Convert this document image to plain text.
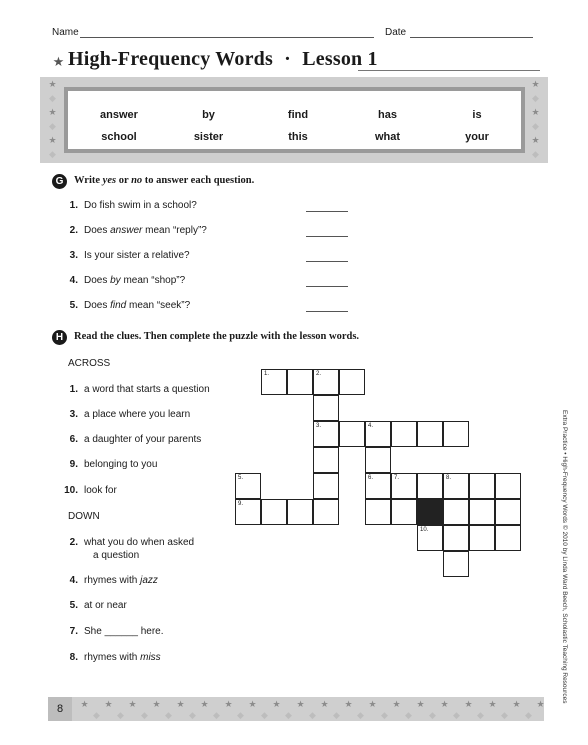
Name	Date
★ High-Frequency Words · Lesson 1
★	★
◆	◆
★	★
◆	◆
★	★
◆	◆
answer	by	find	has	is
school	sister	this	what	your
G	Write yes or no to answer each question.
1. Do fish swim in a school?
2. Does answer mean “reply”?
3. Is your sister a relative?
4. Does by mean “shop”?
5. Does find mean “seek”?
H	Read the clues. Then complete the puzzle with the lesson words.
ACROSS
1. a word that starts a question
3. a place where you learn
6. a daughter of your parents
9. belonging to you
10. look for
DOWN
2. what you do when asked
a question
4. rhymes with jazz
5. at or near
7. She ______ here.
8. rhymes with miss
1.	2.
3.	4.
5.	6.	7.	8.
9.
10.
8	★
◆
★
◆
★
◆
★
◆
★
◆
★
◆
★
◆
★
◆
★
◆
★
◆
★
◆
★
◆
★
◆
★
◆
★
◆
★
◆
★
◆
★
◆
★
◆
★
Extra Practice • High-Frequency Words © 2010 by Linda Ward Beech, Scholastic Teaching Resources
